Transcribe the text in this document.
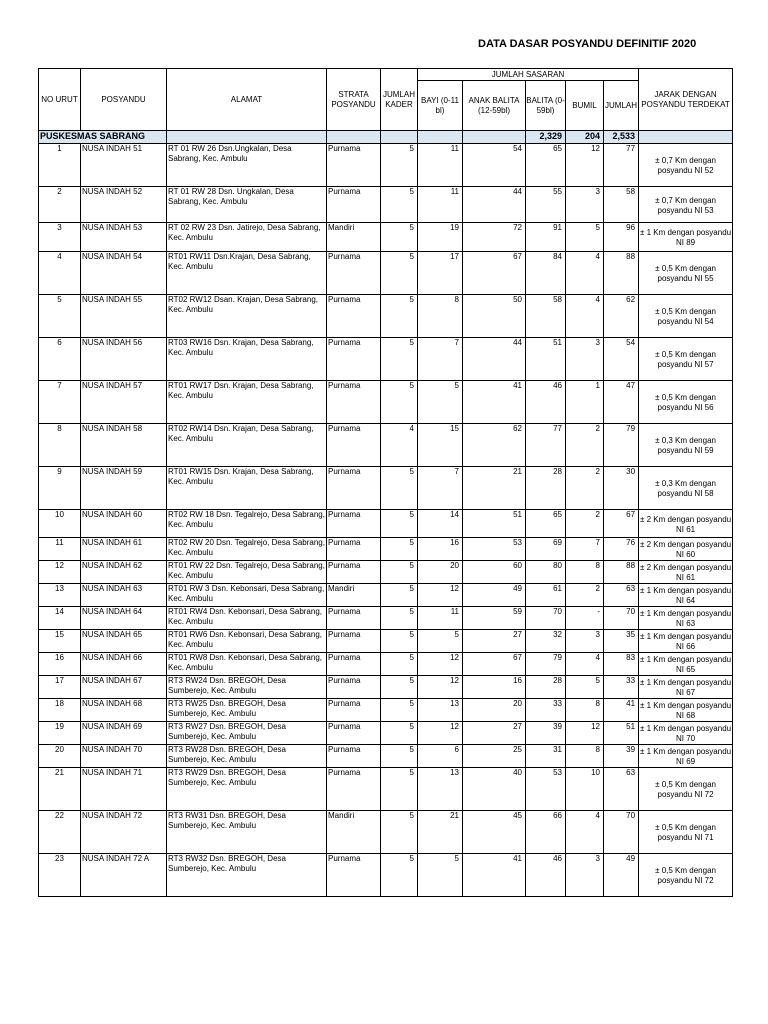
DATA DASAR POSYANDU DEFINITIF 2020
NO URUT	POSYANDU	ALAMAT	STRATA POSYANDU	JUMLAH KADER	JUMLAH SASARAN					JARAK DENGAN POSYANDU TERDEKAT
					BAYI (0-11 bl)	ANAK BALITA (12-59bl)	BALITA (0-59bl)	BUMIL	JUMLAH	
PUSKESMAS SABRANG							2,329	204	2,533	
1	NUSA INDAH 51	RT 01 RW 26 Dsn.Ungkalan, Desa Sabrang, Kec. Ambulu	Purnama	5	11	54	65	12	77	± 0,7 Km dengan posyandu NI 52
2	NUSA INDAH 52	RT 01 RW 28 Dsn. Ungkalan, Desa Sabrang, Kec. Ambulu	Purnama	5	11	44	55	3	58	± 0,7 Km dengan posyandu NI 53
3	NUSA INDAH 53	RT 02 RW 23 Dsn. Jatirejo, Desa Sabrang, Kec. Ambulu	Mandiri	5	19	72	91	5	96	± 1 Km dengan posyandu NI 89
4	NUSA INDAH 54	RT01 RW11 Dsn.Krajan, Desa Sabrang, Kec. Ambulu	Purnama	5	17	67	84	4	88	± 0,5 Km dengan posyandu NI 55
5	NUSA INDAH 55	RT02 RW12 Dsan. Krajan, Desa Sabrang, Kec. Ambulu	Purnama	5	8	50	58	4	62	± 0,5 Km dengan posyandu NI 54
6	NUSA INDAH 56	RT03 RW16 Dsn. Krajan, Desa Sabrang, Kec. Ambulu	Purnama	5	7	44	51	3	54	± 0,5 Km dengan posyandu NI 57
7	NUSA INDAH 57	RT01 RW17 Dsn. Krajan, Desa Sabrang, Kec. Ambulu	Purnama	5	5	41	46	1	47	± 0,5 Km dengan posyandu NI 56
8	NUSA INDAH 58	RT02 RW14 Dsn. Krajan, Desa Sabrang, Kec. Ambulu	Purnama	4	15	62	77	2	79	± 0,3 Km dengan posyandu NI 59
9	NUSA INDAH 59	RT01 RW15 Dsn. Krajan, Desa Sabrang, Kec. Ambulu	Purnama	5	7	21	28	2	30	± 0,3 Km dengan posyandu NI 58
10	NUSA INDAH 60	RT02 RW 18 Dsn. Tegalrejo, Desa Sabrang, Kec. Ambulu	Purnama	5	14	51	65	2	67	± 2 Km dengan posyandu NI 61
11	NUSA INDAH 61	RT02 RW 20 Dsn. Tegalrejo, Desa Sabrang, Kec. Ambulu	Purnama	5	16	53	69	7	76	± 2 Km dengan posyandu NI 60
12	NUSA INDAH 62	RT01 RW 22 Dsn. Tegalrejo, Desa Sabrang, Kec. Ambulu	Purnama	5	20	60	80	8	88	± 2 Km dengan posyandu NI 61
13	NUSA INDAH 63	RT01 RW 3 Dsn. Kebonsari, Desa Sabrang, Kec. Ambulu	Mandiri	5	12	49	61	2	63	± 1 Km dengan posyandu NI 64
14	NUSA INDAH 64	RT01 RW4 Dsn. Kebonsari, Desa Sabrang, Kec. Ambulu	Purnama	5	11	59	70	-	70	± 1 Km dengan posyandu NI 63
15	NUSA INDAH 65	RT01 RW6 Dsn. Kebonsari, Desa Sabrang, Kec. Ambulu	Purnama	5	5	27	32	3	35	± 1 Km dengan posyandu NI 66
16	NUSA INDAH 66	RT01 RW8 Dsn. Kebonsari, Desa Sabrang, Kec. Ambulu	Purnama	5	12	67	79	4	83	± 1 Km dengan posyandu NI 65
17	NUSA INDAH 67	RT3 RW24 Dsn. BREGOH, Desa Sumberejo, Kec. Ambulu	Purnama	5	12	16	28	5	33	± 1 Km dengan posyandu NI 67
18	NUSA INDAH 68	RT3 RW25 Dsn. BREGOH, Desa Sumberejo, Kec. Ambulu	Purnama	5	13	20	33	8	41	± 1 Km dengan posyandu NI 68
19	NUSA INDAH 69	RT3 RW27 Dsn. BREGOH, Desa Sumberejo, Kec. Ambulu	Purnama	5	12	27	39	12	51	± 1 Km dengan posyandu NI 70
20	NUSA INDAH 70	RT3 RW28 Dsn. BREGOH, Desa Sumberejo, Kec. Ambulu	Purnama	5	6	25	31	8	39	± 1 Km dengan posyandu NI 69
21	NUSA INDAH 71	RT3 RW29 Dsn. BREGOH, Desa Sumberejo, Kec. Ambulu	Purnama	5	13	40	53	10	63	± 0,5 Km dengan posyandu NI 72
22	NUSA INDAH 72	RT3 RW31 Dsn. BREGOH, Desa Sumberejo, Kec. Ambulu	Mandiri	5	21	45	66	4	70	± 0,5 Km dengan posyandu NI 71
23	NUSA INDAH 72 A	RT3 RW32 Dsn. BREGOH, Desa Sumberejo, Kec. Ambulu	Purnama	5	5	41	46	3	49	± 0,5 Km dengan posyandu NI 72
